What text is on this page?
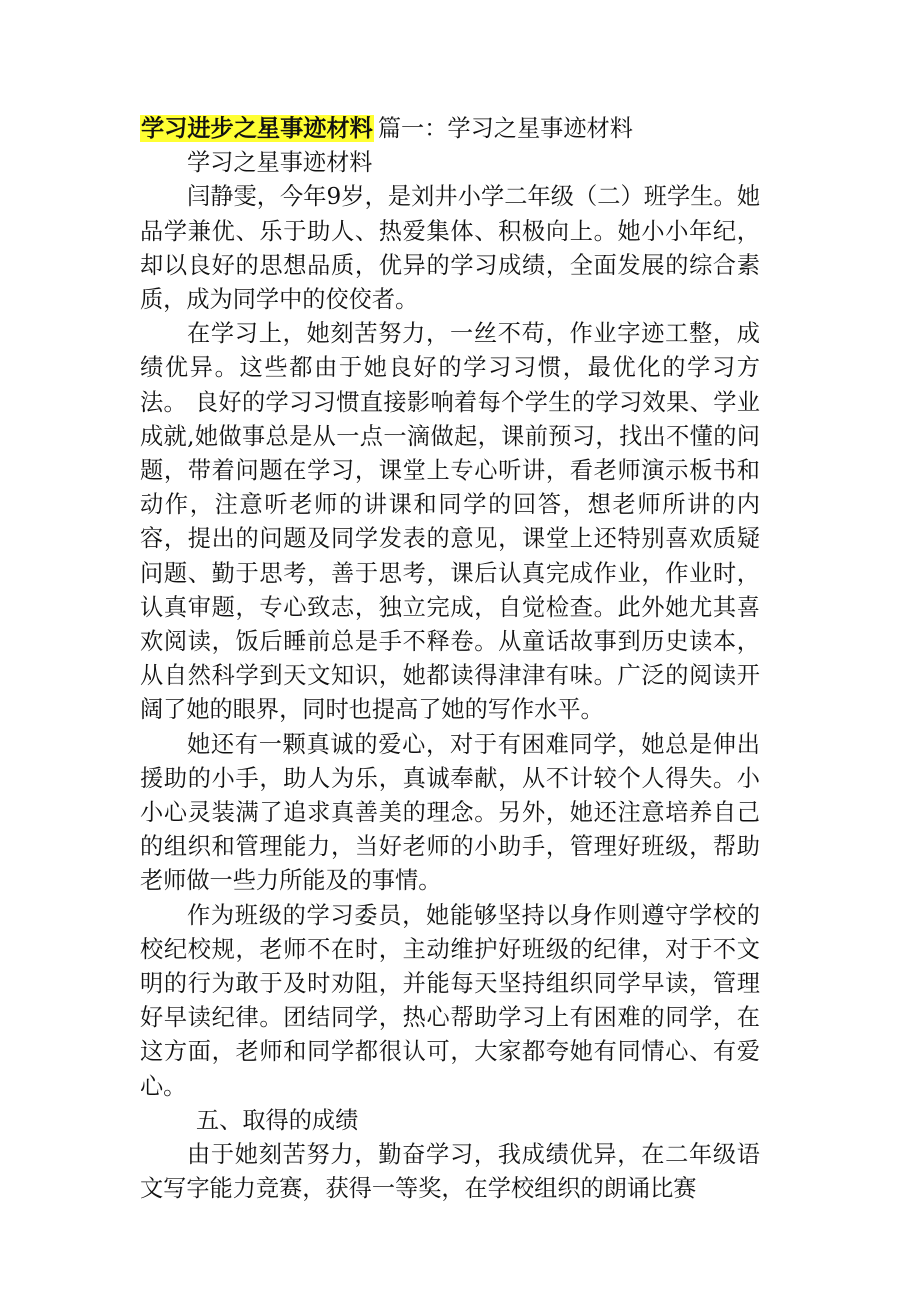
学习进步之星事迹材料 篇一：学习之星事迹材料

学习之星事迹材料

闫静雯，今年9岁，是刘井小学二年级（二）班学生。她品学兼优、乐于助人、热爱集体、积极向上。她小小年纪，却以良好的思想品质，优异的学习成绩，全面发展的综合素质，成为同学中的佼佼者。

在学习上，她刻苦努力，一丝不苟，作业字迹工整，成绩优异。这些都由于她良好的学习习惯，最优化的学习方法。 良好的学习习惯直接影响着每个学生的学习效果、学业成就,她做事总是从一点一滴做起，课前预习，找出不懂的问题，带着问题在学习，课堂上专心听讲，看老师演示板书和动作，注意听老师的讲课和同学的回答，想老师所讲的内容，提出的问题及同学发表的意见，课堂上还特别喜欢质疑问题、勤于思考，善于思考，课后认真完成作业，作业时，认真审题，专心致志，独立完成，自觉检查。此外她尤其喜欢阅读，饭后睡前总是手不释卷。从童话故事到历史读本，从自然科学到天文知识，她都读得津津有味。广泛的阅读开阔了她的眼界，同时也提高了她的写作水平。

她还有一颗真诚的爱心，对于有困难同学，她总是伸出援助的小手，助人为乐，真诚奉献，从不计较个人得失。小小心灵装满了追求真善美的理念。另外，她还注意培养自己的组织和管理能力，当好老师的小助手，管理好班级，帮助老师做一些力所能及的事情。

作为班级的学习委员，她能够坚持以身作则遵守学校的校纪校规，老师不在时，主动维护好班级的纪律，对于不文明的行为敢于及时劝阻，并能每天坚持组织同学早读，管理好早读纪律。团结同学，热心帮助学习上有困难的同学，在这方面，老师和同学都很认可，大家都夸她有同情心、有爱心。

五、取得的成绩

由于她刻苦努力，勤奋学习，我成绩优异，在二年级语文写字能力竞赛，获得一等奖，在学校组织的朗诵比赛
